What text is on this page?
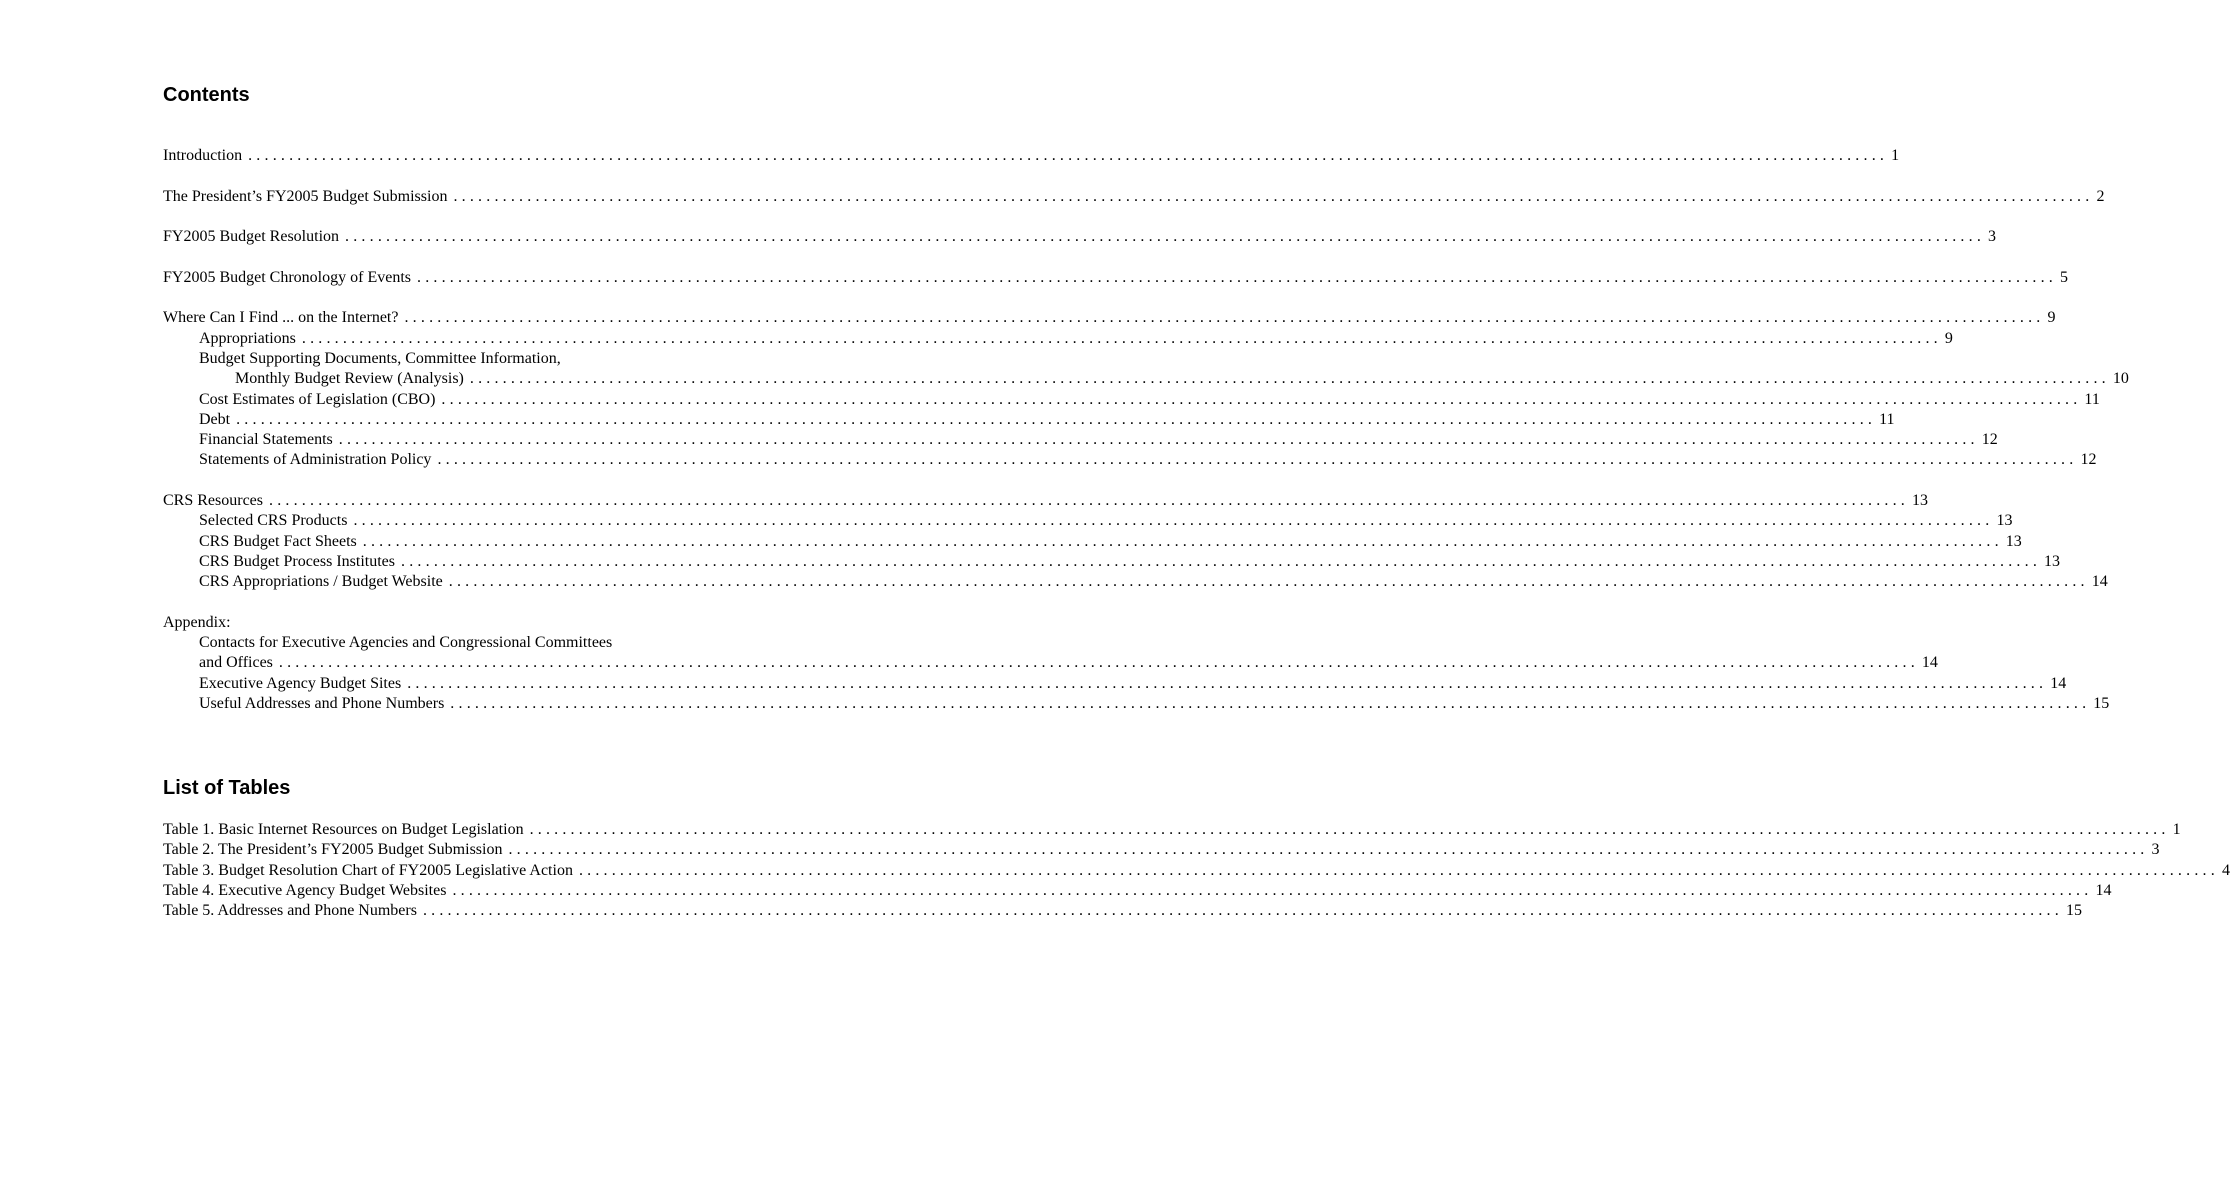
Contents
Introduction ........................................................................................................................................................................................................ 1
The President’s FY2005 Budget Submission ........................................................................................................................................................................................................ 2
FY2005 Budget Resolution ........................................................................................................................................................................................................ 3
FY2005 Budget Chronology of Events ........................................................................................................................................................................................................ 5
Where Can I Find ... on the Internet? ........................................................................................................................................................................................................ 9
Appropriations ........................................................................................................................................................................................................ 9
Budget Supporting Documents, Committee Information,
Monthly Budget Review (Analysis) ........................................................................................................................................................................................................ 10
Cost Estimates of Legislation (CBO) ........................................................................................................................................................................................................ 11
Debt ........................................................................................................................................................................................................ 11
Financial Statements ........................................................................................................................................................................................................ 12
Statements of Administration Policy ........................................................................................................................................................................................................ 12
CRS Resources ........................................................................................................................................................................................................ 13
Selected CRS Products ........................................................................................................................................................................................................ 13
CRS Budget Fact Sheets ........................................................................................................................................................................................................ 13
CRS Budget Process Institutes ........................................................................................................................................................................................................ 13
CRS Appropriations / Budget Website ........................................................................................................................................................................................................ 14
Appendix:
Contacts for Executive Agencies and Congressional Committees
and Offices ........................................................................................................................................................................................................ 14
Executive Agency Budget Sites ........................................................................................................................................................................................................ 14
Useful Addresses and Phone Numbers ........................................................................................................................................................................................................ 15
List of Tables
Table 1. Basic Internet Resources on Budget Legislation ........................................................................................................................................................................................................ 1
Table 2. The President’s FY2005 Budget Submission ........................................................................................................................................................................................................ 3
Table 3. Budget Resolution Chart of FY2005 Legislative Action ........................................................................................................................................................................................................ 4
Table 4. Executive Agency Budget Websites ........................................................................................................................................................................................................ 14
Table 5. Addresses and Phone Numbers ........................................................................................................................................................................................................ 15
